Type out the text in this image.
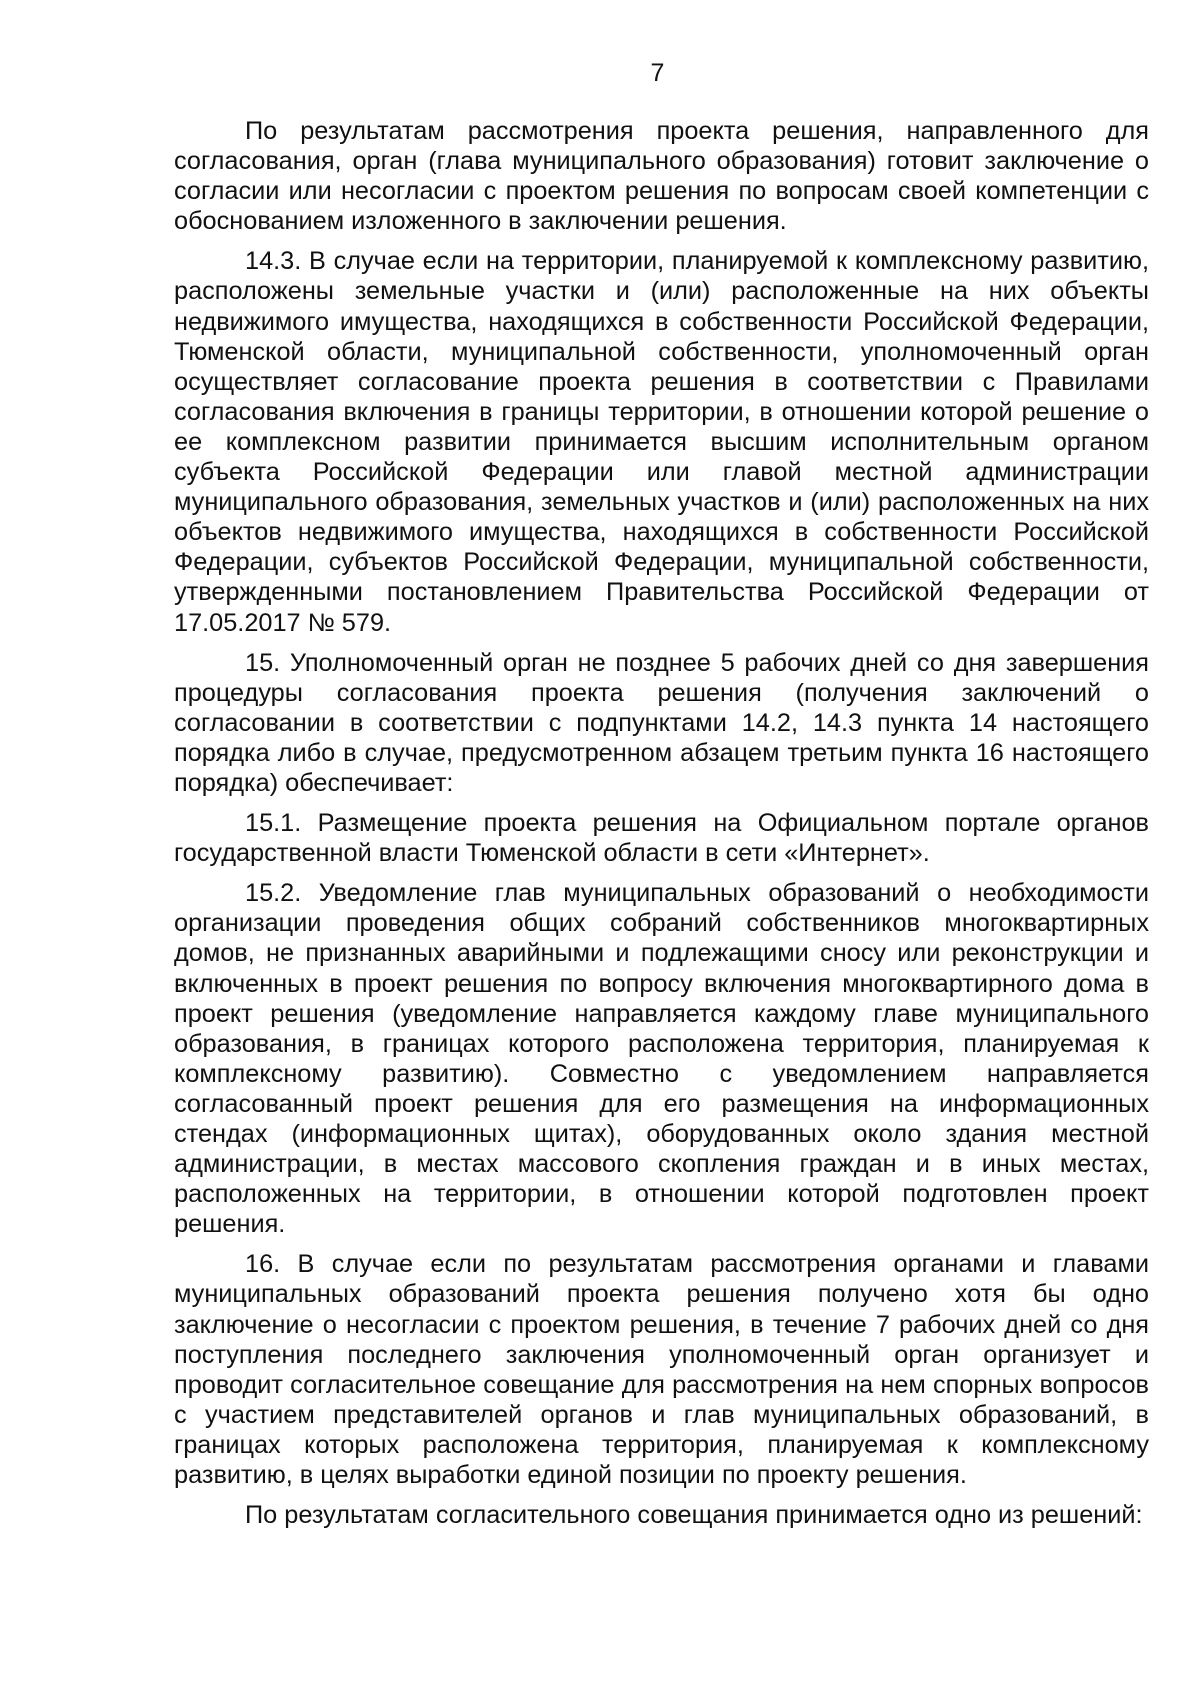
7

По результатам рассмотрения проекта решения, направленного для согласования, орган (глава муниципального образования) готовит заключение о согласии или несогласии с проектом решения по вопросам своей компетенции с обоснованием изложенного в заключении решения.

14.3. В случае если на территории, планируемой к комплексному развитию, расположены земельные участки и (или) расположенные на них объекты недвижимого имущества, находящихся в собственности Российской Федерации, Тюменской области, муниципальной собственности, уполномоченный орган осуществляет согласование проекта решения в соответствии с Правилами согласования включения в границы территории, в отношении которой решение о ее комплексном развитии принимается высшим исполнительным органом субъекта Российской Федерации или главой местной администрации муниципального образования, земельных участков и (или) расположенных на них объектов недвижимого имущества, находящихся в собственности Российской Федерации, субъектов Российской Федерации, муниципальной собственности, утвержденными постановлением Правительства Российской Федерации от 17.05.2017 № 579.

15. Уполномоченный орган не позднее 5 рабочих дней со дня завершения процедуры согласования проекта решения (получения заключений о согласовании в соответствии с подпунктами 14.2, 14.3 пункта 14 настоящего порядка либо в случае, предусмотренном абзацем третьим пункта 16 настоящего порядка) обеспечивает:

15.1. Размещение проекта решения на Официальном портале органов государственной власти Тюменской области в сети «Интернет».

15.2. Уведомление глав муниципальных образований о необходимости организации проведения общих собраний собственников многоквартирных домов, не признанных аварийными и подлежащими сносу или реконструкции и включенных в проект решения по вопросу включения многоквартирного дома в проект решения (уведомление направляется каждому главе муниципального образования, в границах которого расположена территория, планируемая к комплексному развитию). Совместно с уведомлением направляется согласованный проект решения для его размещения на информационных стендах (информационных щитах), оборудованных около здания местной администрации, в местах массового скопления граждан и в иных местах, расположенных на территории, в отношении которой подготовлен проект решения.

16. В случае если по результатам рассмотрения органами и главами муниципальных образований проекта решения получено хотя бы одно заключение о несогласии с проектом решения, в течение 7 рабочих дней со дня поступления последнего заключения уполномоченный орган организует и проводит согласительное совещание для рассмотрения на нем спорных вопросов с участием представителей органов и глав муниципальных образований, в границах которых расположена территория, планируемая к комплексному развитию, в целях выработки единой позиции по проекту решения.

По результатам согласительного совещания принимается одно из решений:
